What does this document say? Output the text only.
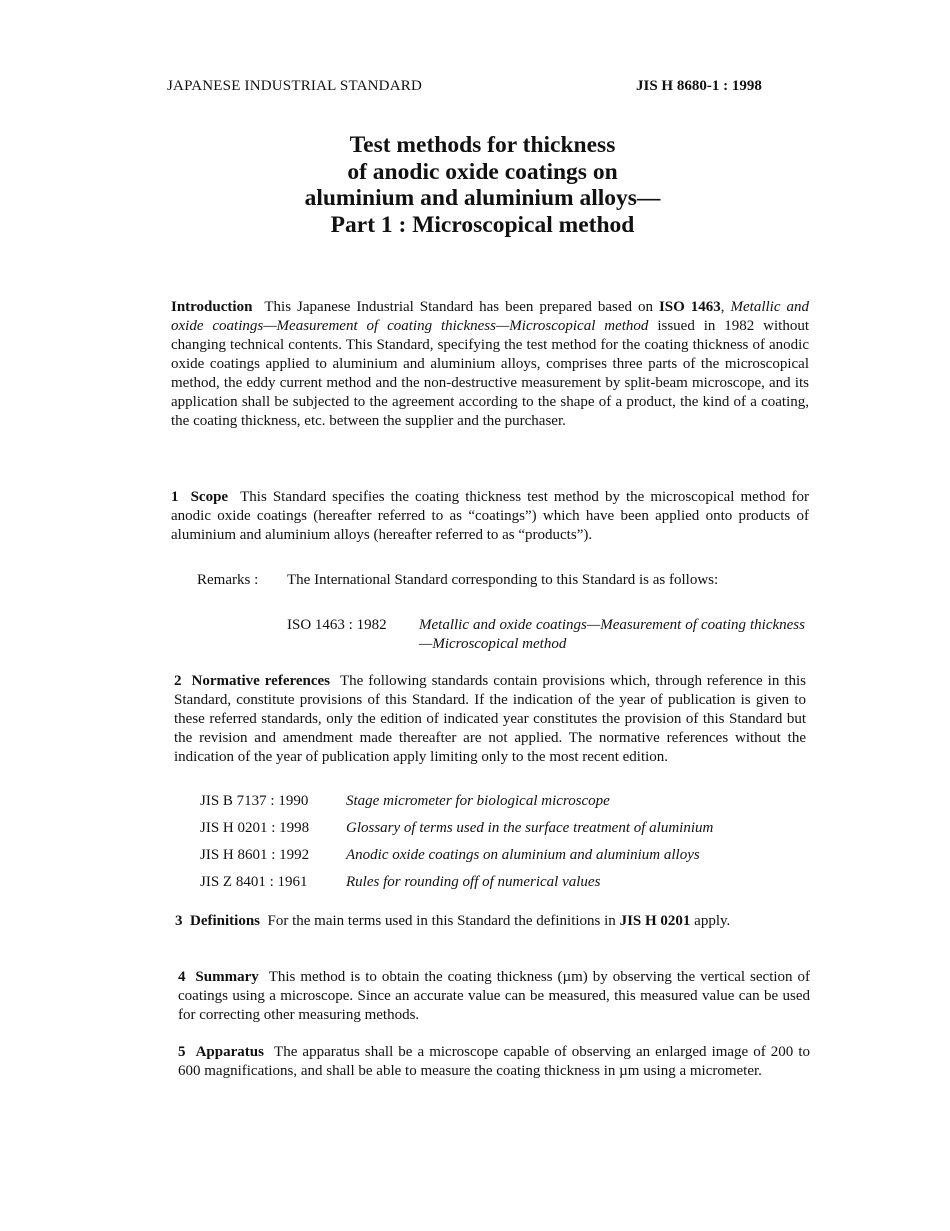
JAPANESE INDUSTRIAL STANDARD	JIS H 8680-1 : 1998
Test methods for thickness
of anodic oxide coatings on
aluminium and aluminium alloys—
Part 1 : Microscopical method
Introduction This Japanese Industrial Standard has been prepared based on ISO 1463, Metallic and oxide coatings—Measurement of coating thickness—Microscopical method issued in 1982 without changing technical contents. This Standard, specifying the test method for the coating thickness of anodic oxide coatings applied to aluminium and aluminium alloys, comprises three parts of the microscopical method, the eddy current method and the non-destructive measurement by split-beam microscope, and its application shall be subjected to the agreement according to the shape of a product, the kind of a coating, the coating thickness, etc. between the supplier and the purchaser.
1 Scope This Standard specifies the coating thickness test method by the microscopical method for anodic oxide coatings (hereafter referred to as “coatings”) which have been applied onto products of aluminium and aluminium alloys (hereafter referred to as “products”).
Remarks : The International Standard corresponding to this Standard is as follows:
ISO 1463 : 1982 Metallic and oxide coatings—Measurement of coating thickness—Microscopical method
2 Normative references The following standards contain provisions which, through reference in this Standard, constitute provisions of this Standard. If the indication of the year of publication is given to these referred standards, only the edition of indicated year constitutes the provision of this Standard but the revision and amendment made thereafter are not applied. The normative references without the indication of the year of publication apply limiting only to the most recent edition.
JIS B 7137 : 1990	Stage micrometer for biological microscope
JIS H 0201 : 1998 Glossary of terms used in the surface treatment of aluminium
JIS H 8601 : 1992 Anodic oxide coatings on aluminium and aluminium alloys
JIS Z 8401 : 1961	Rules for rounding off of numerical values
3 Definitions For the main terms used in this Standard the definitions in JIS H 0201 apply.
4 Summary This method is to obtain the coating thickness (µm) by observing the vertical section of coatings using a microscope. Since an accurate value can be measured, this measured value can be used for correcting other measuring methods.
5 Apparatus The apparatus shall be a microscope capable of observing an enlarged image of 200 to 600 magnifications, and shall be able to measure the coating thickness in µm using a micrometer.
